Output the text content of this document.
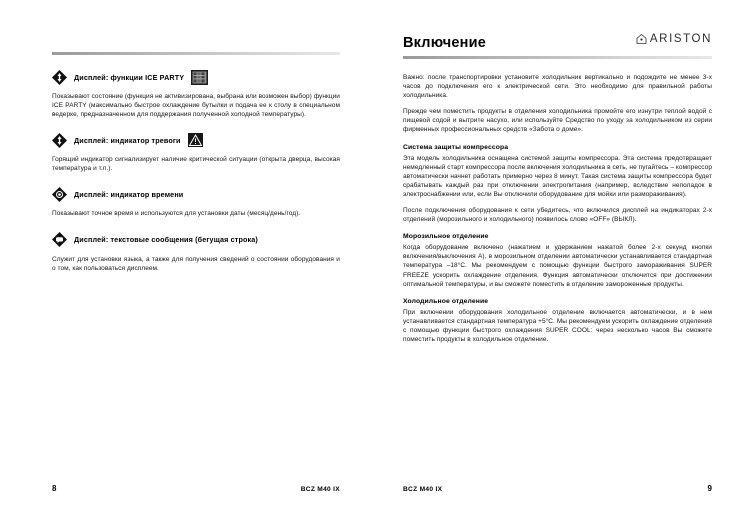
Дисплей: функции ICE PARTY

Показывают состояние (функция не активизирована, выбрана или возможен выбор) функции ICE PARTY (максимально быстрое охлаждение бутылки и подача ее к столу в специальном ведерке, предназначенном для поддержания полученной холодной температуры).

Дисплей: индикатор тревоги

Горящий индикатор сигнализирует наличие критической ситуации (открыта дверца, высокая температура и т.п.).

Дисплей: индикатор времени

Показывают точное время и используются для установки даты (месяц/день/год).

Дисплей: текстовые сообщения (бегущая строка)

Служит для установки языка, а также для получения сведений о состоянии оборудования и о том, как пользоваться дисплеем.

8	BCZ M40 IX
Включение	ARISTON

Важно: после транспортировки установите холодильник вертикально и подождите не менее 3-х часов до подключения его к электрической сети. Это необходимо для правильной работы холодильника.

Прежде чем поместить продукты в отделения холодильника промойте его изнутри теплой водой с пищевой содой и вытрите насухо, или используйте Средство по уходу за холодильником из серии фирменных профессиональных средств «Забота о доме».

Система защиты компрессора

Эта модель холодильника оснащена системой защиты компрессора. Эта система предотвращает немедленный старт компрессора после включения холодильника в сеть, не пугайтесь – компрессор автоматически начнет работать примерно через 8 минут. Такая система защиты компрессора будет срабатывать каждый раз при отключении электропитания (например, вследствие неполадок в электроснабжении или, если Вы отключили оборудование для мойки или размораживания).

После подключения оборудования к сети убедитесь, что включился дисплей на индикаторах 2-х отделений (морозильного и холодильного) появилось слово «OFF» (ВЫКЛ).

Морозильное отделение

Когда оборудование включено (нажатием и удержанием нажатой более 2-х секунд кнопки включения/выключения A), в морозильном отделении автоматически устанавливается стандартная температура –18°C. Мы рекомендуем с помощью функции быстрого замораживания SUPER FREEZE ускорить охлаждение отделения. Функция автоматически отключится при достижении оптимальной температуры, и вы сможете поместить в отделение замороженные продукты.

Холодильное отделение

При включении оборудования холодильное отделение включается автоматически, и в нем устанавливается стандартная температура +5°C. Мы рекомендуем ускорить охлаждение отделения с помощью функции быстрого охлаждения SUPER COOL: через несколько часов Вы сможете поместить продукты в холодильное отделение.

BCZ M40 IX	9
